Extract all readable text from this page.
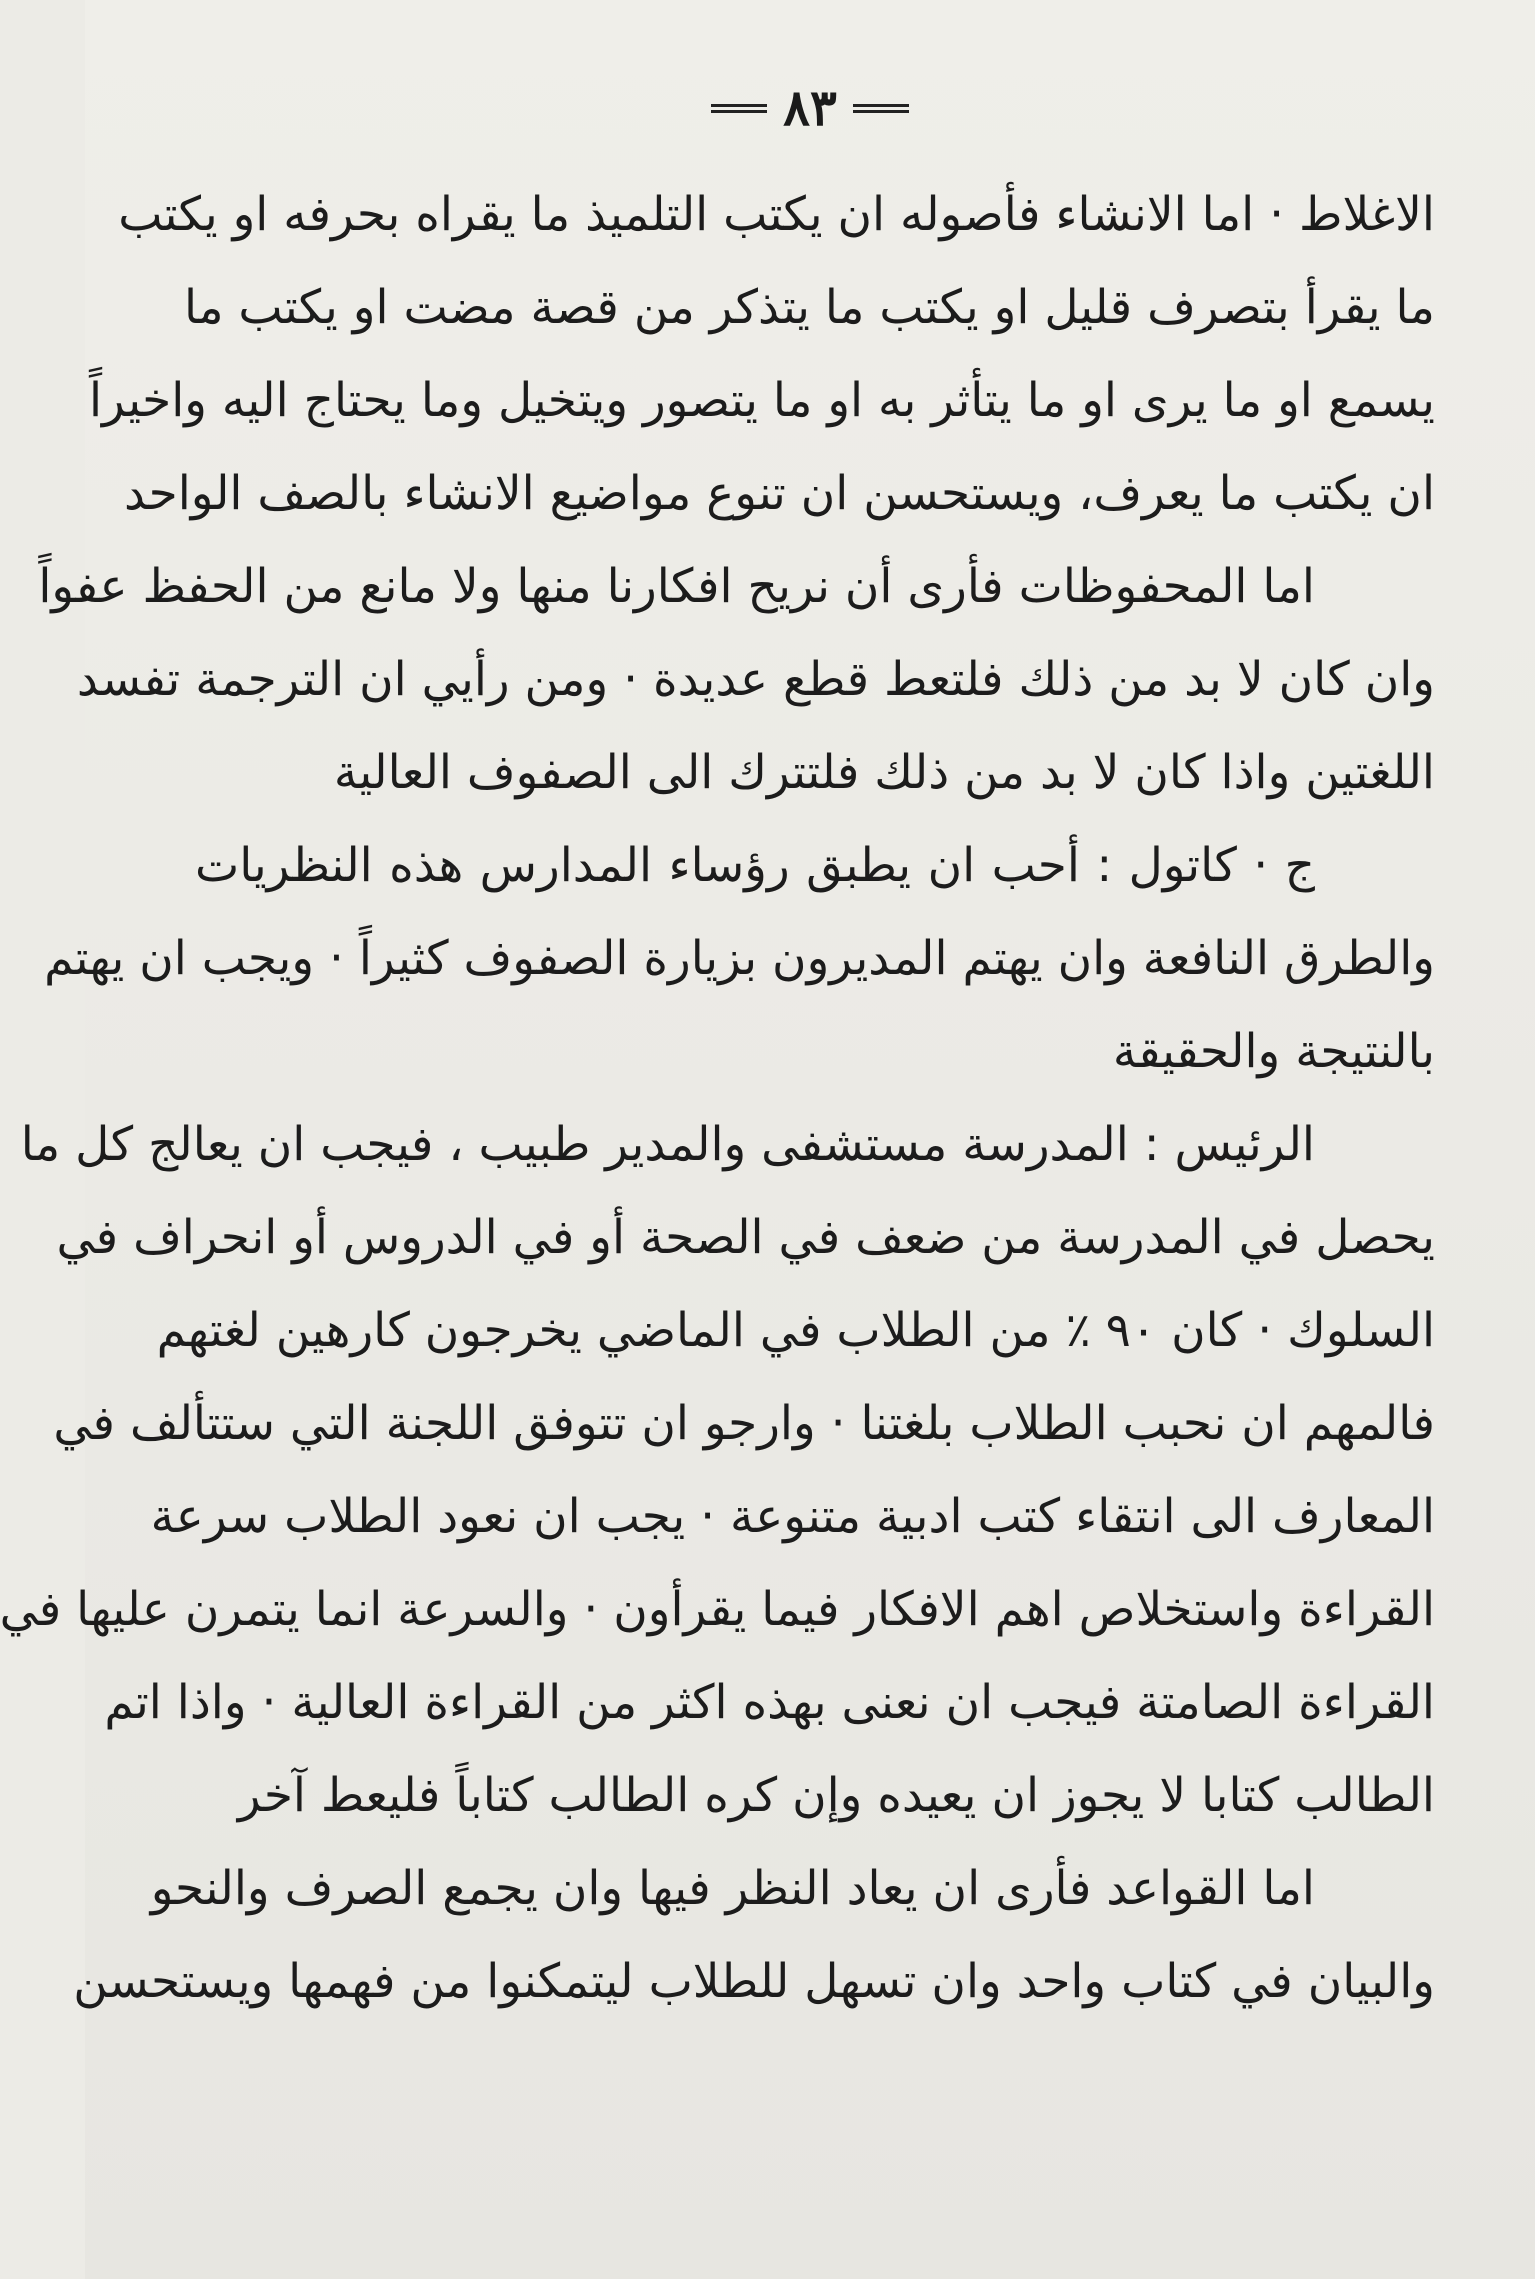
٨٣
الاغلاط · اما الانشاء فأصوله ان يكتب التلميذ ما يقراه بحرفه او يكتب
ما يقرأ بتصرف قليل او يكتب ما يتذكر من قصة مضت او يكتب ما
يسمع او ما يرى او ما يتأثر به او ما يتصور ويتخيل وما يحتاج اليه واخيراً
ان يكتب ما يعرف، ويستحسن ان تنوع مواضيع الانشاء بالصف الواحد
اما المحفوظات فأرى أن نريح افكارنا منها ولا مانع من الحفظ عفواً
وان كان لا بد من ذلك فلتعط قطع عديدة · ومن رأيي ان الترجمة تفسد
اللغتين واذا كان لا بد من ذلك فلتترك الى الصفوف العالية
ج · كاتول : أحب ان يطبق رؤساء المدارس هذه النظريات
والطرق النافعة وان يهتم المديرون بزيارة الصفوف كثيراً · ويجب ان يهتم
بالنتيجة والحقيقة
الرئيس : المدرسة مستشفى والمدير طبيب ، فيجب ان يعالج كل ما
يحصل في المدرسة من ضعف في الصحة أو في الدروس أو انحراف في
السلوك · كان ٩٠ ٪ من الطلاب في الماضي يخرجون كارهين لغتهم
فالمهم ان نحبب الطلاب بلغتنا · وارجو ان تتوفق اللجنة التي ستتألف في
المعارف الى انتقاء كتب ادبية متنوعة · يجب ان نعود الطلاب سرعة
القراءة واستخلاص اهم الافكار فيما يقرأون · والسرعة انما يتمرن عليها في
القراءة الصامتة فيجب ان نعنى بهذه اكثر من القراءة العالية · واذا اتم
الطالب كتابا لا يجوز ان يعيده وإن كره الطالب كتاباً فليعط آخر
اما القواعد فأرى ان يعاد النظر فيها وان يجمع الصرف والنحو
والبيان في كتاب واحد وان تسهل للطلاب ليتمكنوا من فهمها ويستحسن
